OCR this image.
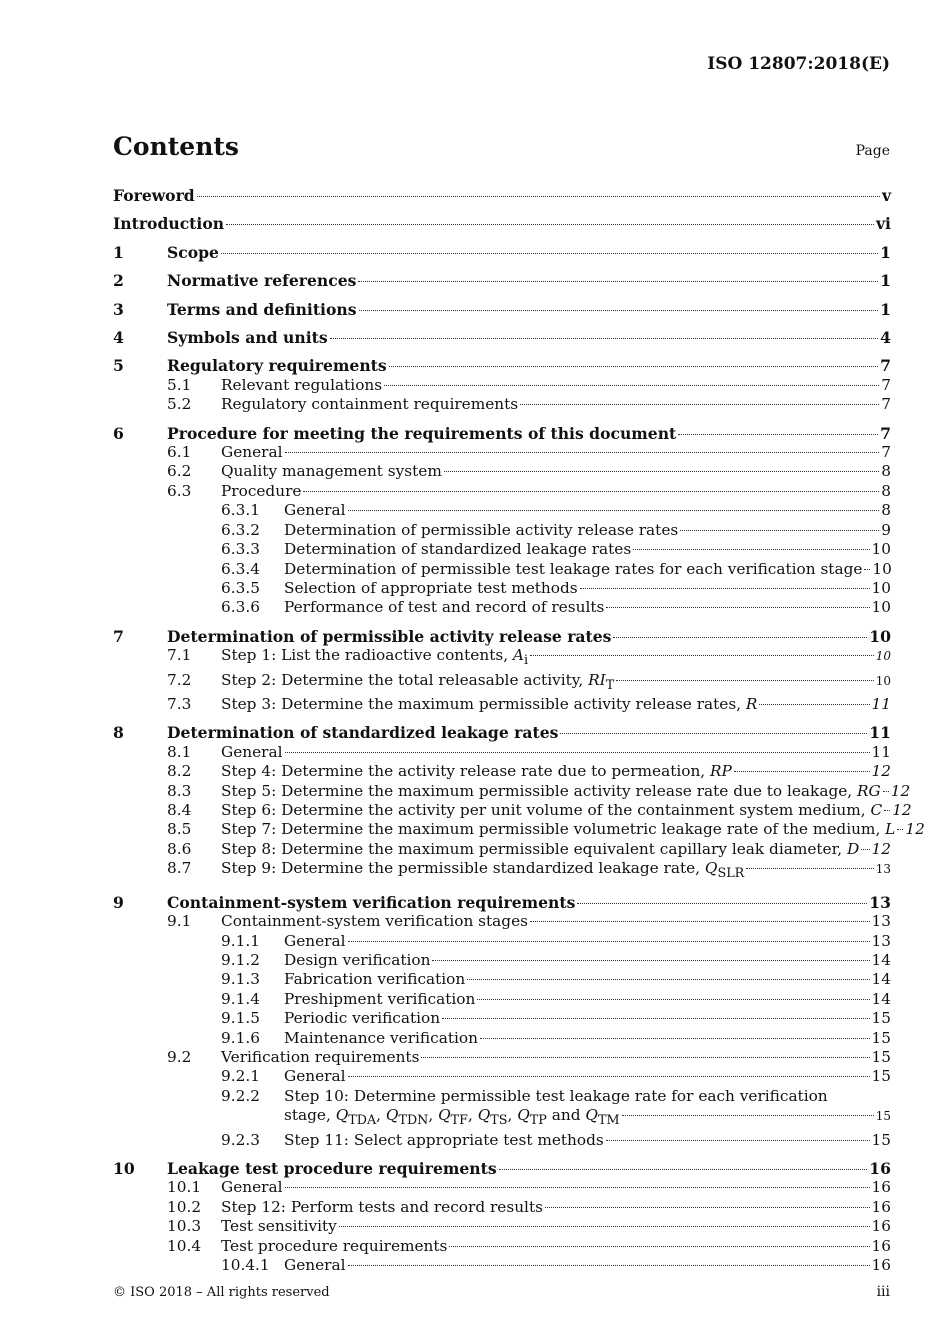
ISO 12807:2018(E)
Contents	Page
Foreword	v
Introduction	vi
1	Scope	1
2	Normative references	1
3	Terms and definitions	1
4	Symbols and units	4
5	Regulatory requirements	7
5.1	Relevant regulations	7
5.2	Regulatory containment requirements	7
6	Procedure for meeting the requirements of this document	7
6.1	General	7
6.2	Quality management system	8
6.3	Procedure	8
6.3.1	General	8
6.3.2	Determination of permissible activity release rates	9
6.3.3	Determination of standardized leakage rates	10
6.3.4	Determination of permissible test leakage rates for each verification stage 10
6.3.5	Selection of appropriate test methods	10
6.3.6	Performance of test and record of results	10
7	Determination of permissible activity release rates	10
7.1	Step 1: List the radioactive contents, $A_i$	10
7.2	Step 2: Determine the total releasable activity, $RI_T$	10
7.3	Step 3: Determine the maximum permissible activity release rates, R	11
8	Determination of standardized leakage rates	11
8.1	General	11
8.2	Step 4: Determine the activity release rate due to permeation, RP	12
8.3	Step 5: Determine the maximum permissible activity release rate due to leakage, RG 12
8.4	Step 6: Determine the activity per unit volume of the containment system medium, C 12
8.5	Step 7: Determine the maximum permissible volumetric leakage rate of the medium, L 12
8.6	Step 8: Determine the maximum permissible equivalent capillary leak diameter, D 12
8.7	Step 9: Determine the permissible standardized leakage rate, $Q_{SLR}$	13
9	Containment-system verification requirements	13
9.1	Containment-system verification stages	13
9.1.1	General	13
9.1.2	Design verification	14
9.1.3	Fabrication verification	14
9.1.4	Preshipment verification	14
9.1.5	Periodic verification	15
9.1.6	Maintenance verification	15
9.2	Verification requirements	15
9.2.1	General	15
9.2.2	Step 10: Determine permissible test leakage rate for each verification
stage, $Q_{TDA}$, $Q_{TDN}$, $Q_{TF}$, $Q_{TS}$, $Q_{TP}$ and $Q_{TM}$	15
9.2.3	Step 11: Select appropriate test methods	15
10	Leakage test procedure requirements	16
10.1	General	16
10.2	Step 12: Perform tests and record results	16
10.3	Test sensitivity	16
10.4	Test procedure requirements	16
10.4.1 General	16
© ISO 2018 – All rights reserved	iii
